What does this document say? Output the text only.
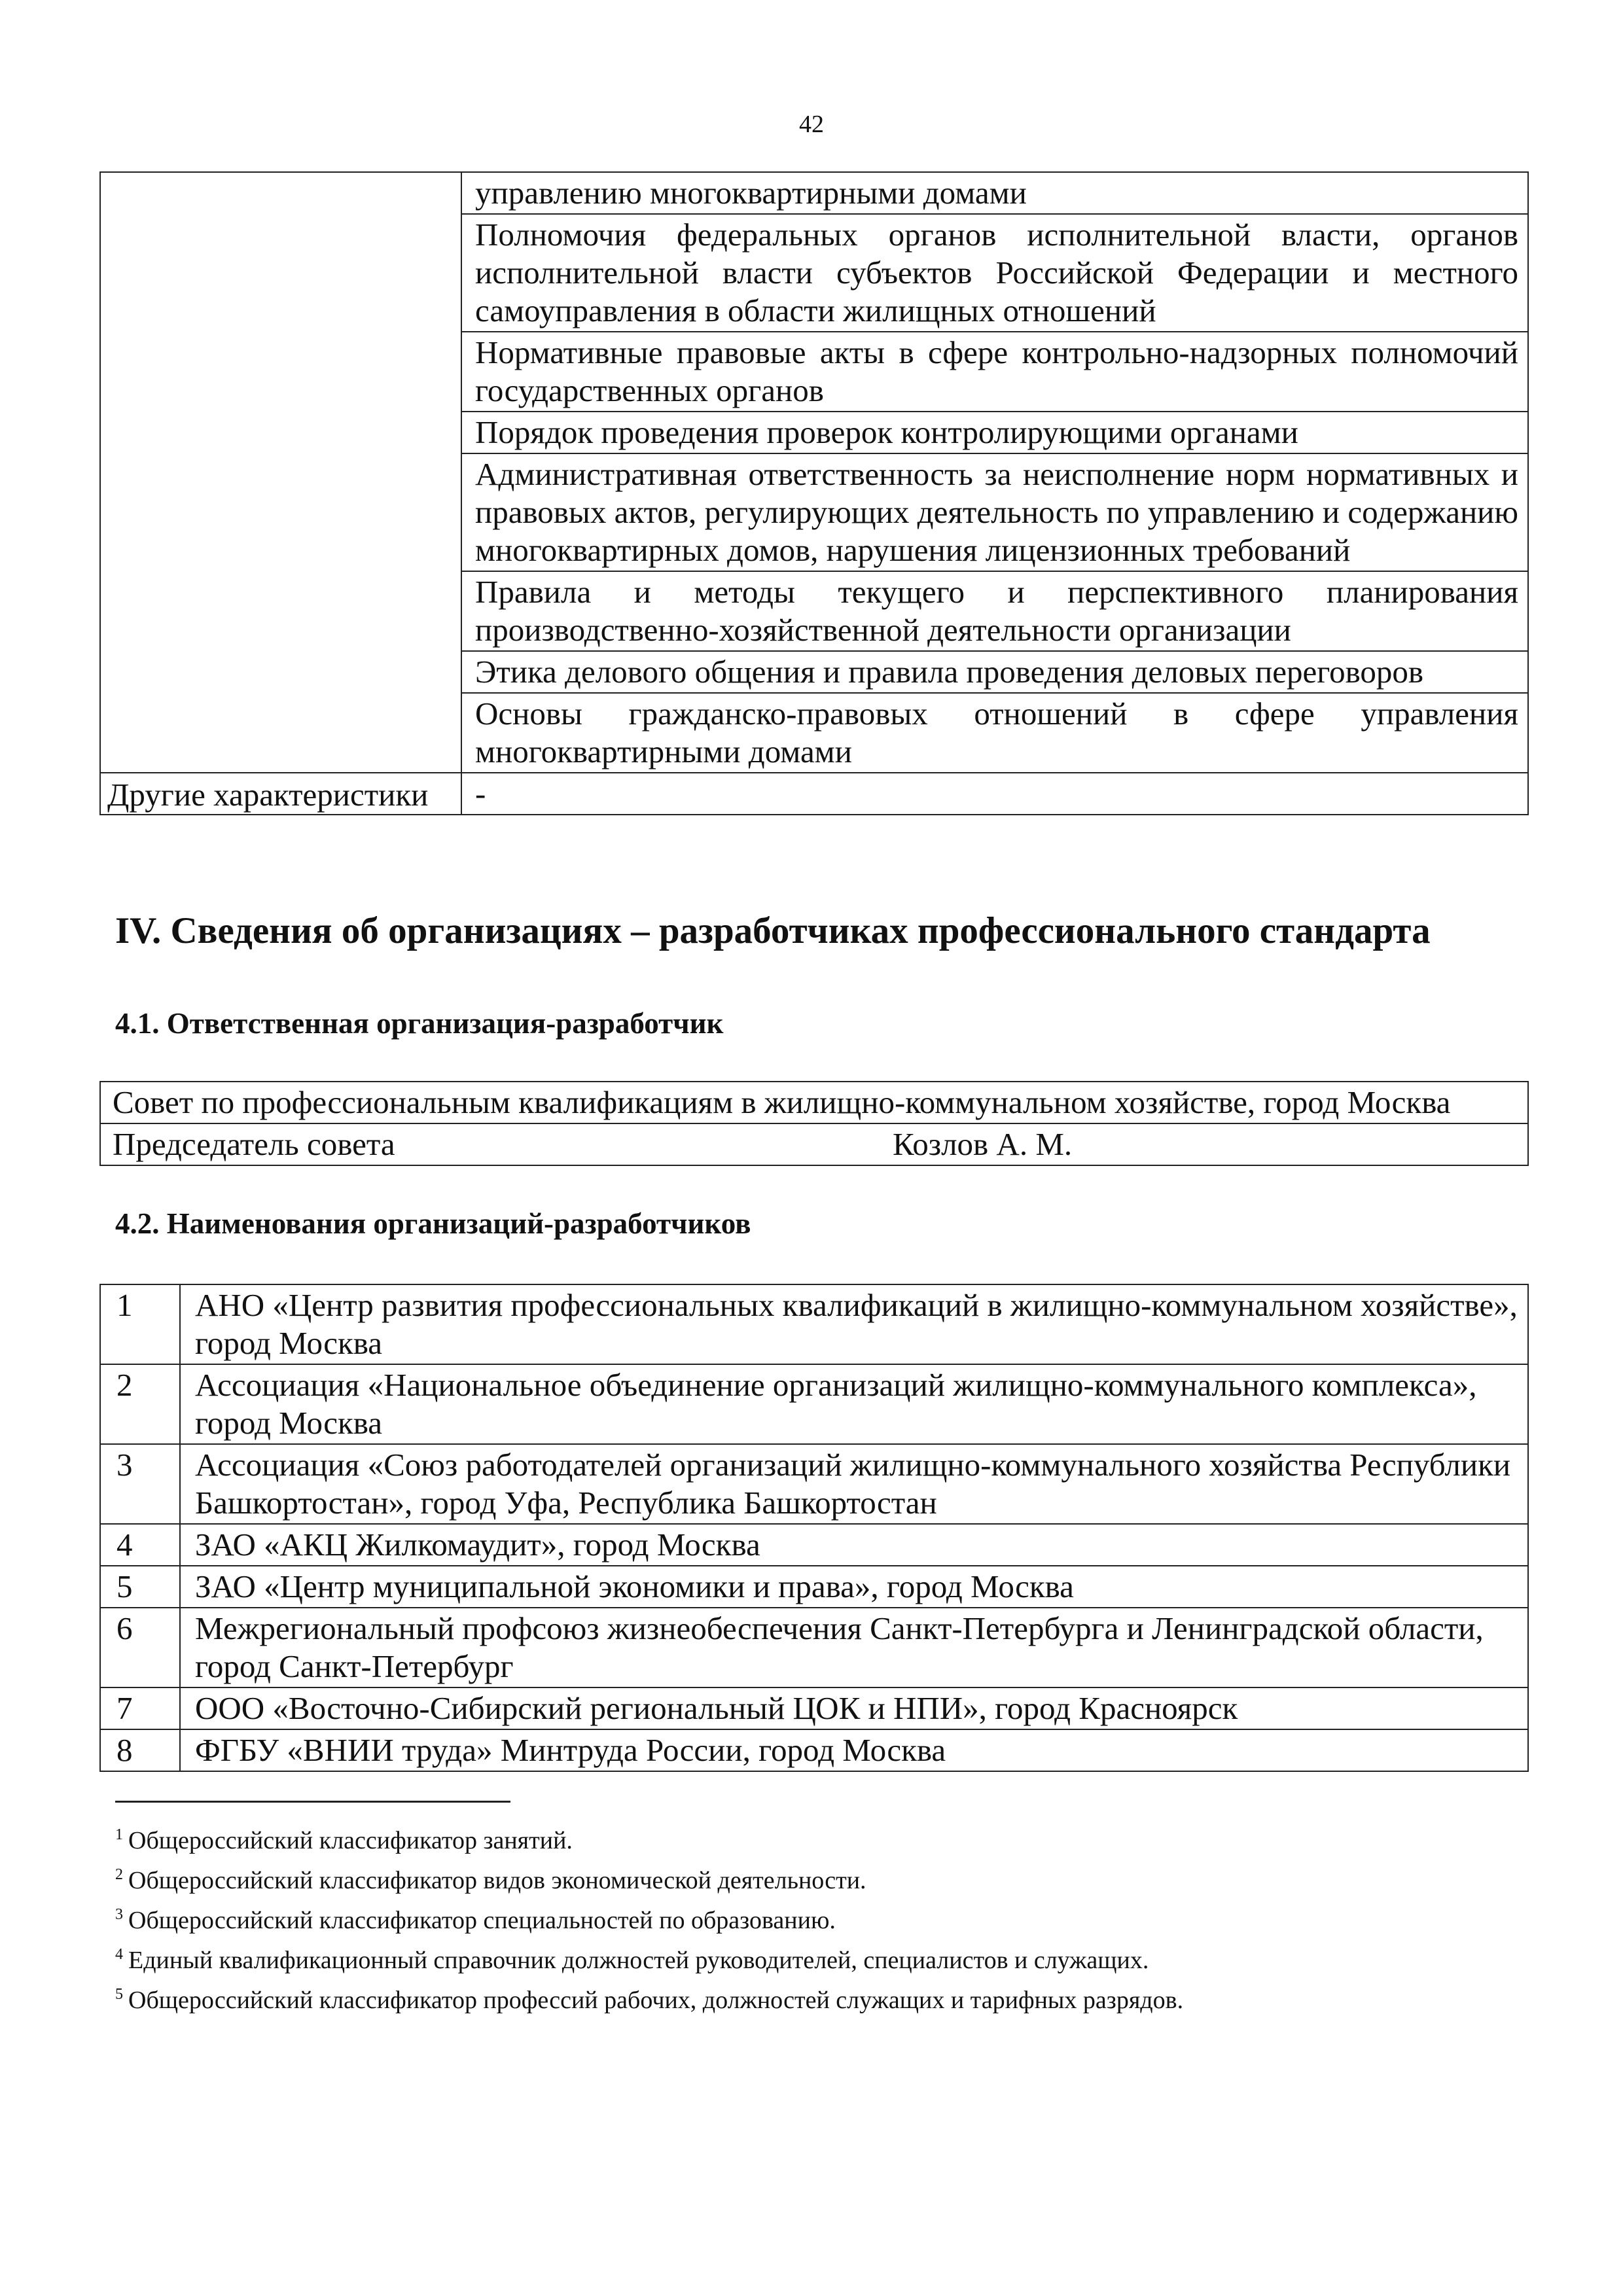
42
	управлению многоквартирными домами
	Полномочия федеральных органов исполнительной власти, органов исполнительной власти субъектов Российской Федерации и местного самоуправления в области жилищных отношений
	Нормативные правовые акты в сфере контрольно-надзорных полномочий государственных органов
	Порядок проведения проверок контролирующими органами
	Административная ответственность за неисполнение норм нормативных и правовых актов, регулирующих деятельность по управлению и содержанию многоквартирных домов, нарушения лицензионных требований
	Правила и методы текущего и перспективного планирования производственно-хозяйственной деятельности организации
	Этика делового общения и правила проведения деловых переговоров
	Основы гражданско-правовых отношений в сфере управления многоквартирными домами
Другие характеристики	-
IV. Сведения об организациях – разработчиках профессионального стандарта
4.1. Ответственная организация-разработчик
Совет по профессиональным квалификациям в жилищно-коммунальном хозяйстве, город Москва

Председатель совета	Козлов А. М.
4.2. Наименования организаций-разработчиков
1	АНО «Центр развития профессиональных квалификаций в жилищно-коммунальном хозяйстве», город Москва
2	Ассоциация «Национальное объединение организаций жилищно-коммунального комплекса», город Москва
3	Ассоциация «Союз работодателей организаций жилищно-коммунального хозяйства Республики Башкортостан», город Уфа, Республика Башкортостан
4	ЗАО «АКЦ Жилкомаудит», город Москва
5	ЗАО «Центр муниципальной экономики и права», город Москва
6	Межрегиональный профсоюз жизнеобеспечения Санкт-Петербурга и Ленинградской области, город Санкт-Петербург
7	ООО «Восточно-Сибирский региональный ЦОК и НПИ», город Красноярск
8	ФГБУ «ВНИИ труда» Минтруда России, город Москва
$^1$ Общероссийский классификатор занятий.
$^2$ Общероссийский классификатор видов экономической деятельности.
$^3$ Общероссийский классификатор специальностей по образованию.
$^4$ Единый квалификационный справочник должностей руководителей, специалистов и служащих.
$^5$ Общероссийский классификатор профессий рабочих, должностей служащих и тарифных разрядов.
